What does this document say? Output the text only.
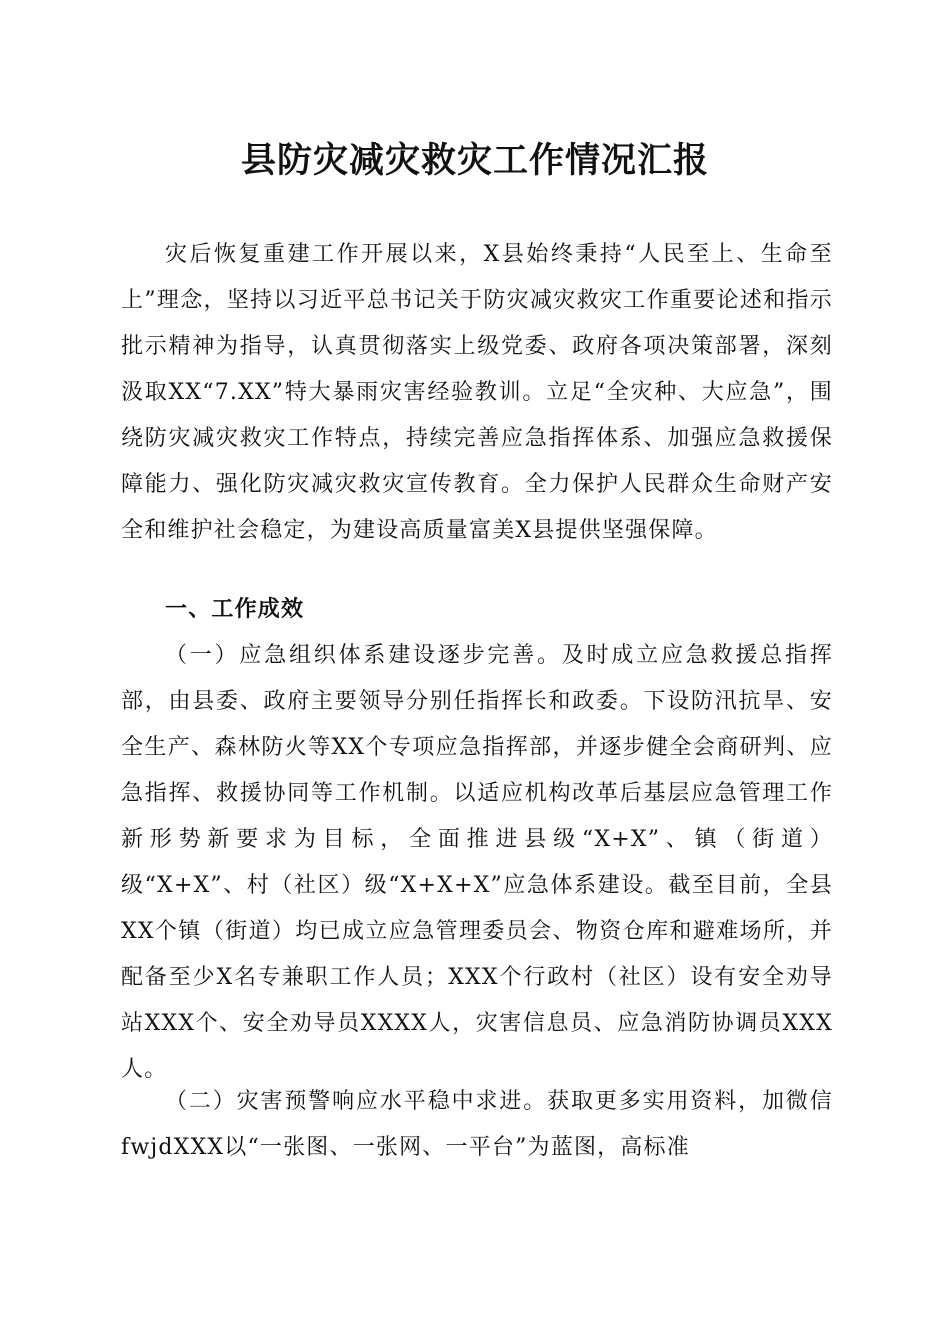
县防灾减灾救灾工作情况汇报

灾后恢复重建工作开展以来，X县始终秉持“人民至上、生命至上”理念，坚持以习近平总书记关于防灾减灾救灾工作重要论述和指示批示精神为指导，认真贯彻落实上级党委、政府各项决策部署，深刻汲取XX“7.XX”特大暴雨灾害经验教训。立足“全灾种、大应急”，围绕防灾减灾救灾工作特点，持续完善应急指挥体系、加强应急救援保障能力、强化防灾减灾救灾宣传教育。全力保护人民群众生命财产安全和维护社会稳定，为建设高质量富美X县提供坚强保障。

一、工作成效

（一）应急组织体系建设逐步完善。及时成立应急救援总指挥部，由县委、政府主要领导分别任指挥长和政委。下设防汛抗旱、安全生产、森林防火等XX个专项应急指挥部，并逐步健全会商研判、应急指挥、救援协同等工作机制。以适应机构改革后基层应急管理工作新形势新要求为目标，全面推进县级“X+X”、镇（街道）级“X+X”、村（社区）级“X+X+X”应急体系建设。截至目前，全县XX个镇（街道）均已成立应急管理委员会、物资仓库和避难场所，并配备至少X名专兼职工作人员；XXX个行政村（社区）设有安全劝导站XXX个、安全劝导员XXXX人，灾害信息员、应急消防协调员XXX人。

（二）灾害预警响应水平稳中求进。获取更多实用资料，加微信fwjdXXX以“一张图、一张网、一平台”为蓝图，高标准
